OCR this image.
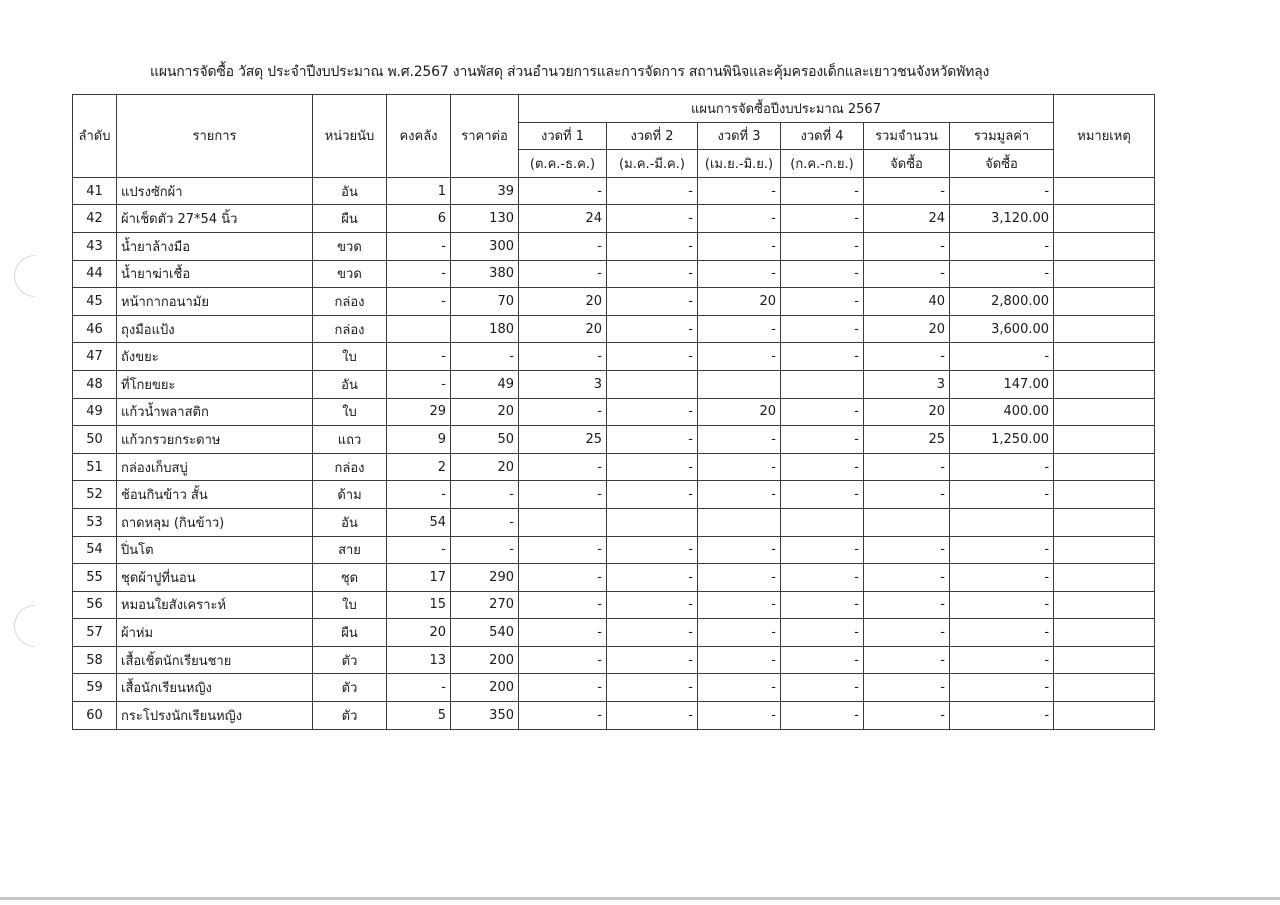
แผนการจัดซื้อ วัสดุ ประจำปีงบประมาณ พ.ศ.2567 งานพัสดุ ส่วนอำนวยการและการจัดการ สถานพินิจและคุ้มครองเด็กและเยาวชนจังหวัดพัทลุง
ลำดับ	รายการ	หน่วยนับ	คงคลัง	ราคาต่อ	แผนการจัดซื้อปีงบประมาณ 2567						หมายเหตุ
					งวดที่ 1	งวดที่ 2	งวดที่ 3	งวดที่ 4	รวมจำนวน	รวมมูลค่า	
					(ต.ค.-ธ.ค.)	(ม.ค.-มี.ค.)	(เม.ย.-มิ.ย.)	(ก.ค.-ก.ย.)	จัดซื้อ	จัดซื้อ	
41	แปรงซักผ้า	อัน	1	39	-	-	-	-	-	-	
42	ผ้าเช็ดตัว 27*54 นิ้ว	ผืน	6	130	24	-	-	-	24	3,120.00	
43	น้ำยาล้างมือ	ขวด	-	300	-	-	-	-	-	-	
44	น้ำยาฆ่าเชื้อ	ขวด	-	380	-	-	-	-	-	-	
45	หน้ากากอนามัย	กล่อง	-	70	20	-	20	-	40	2,800.00	
46	ถุงมือแป้ง	กล่อง		180	20	-	-	-	20	3,600.00	
47	ถังขยะ	ใบ	-	-	-	-	-	-	-	-	
48	ที่โกยขยะ	อัน	-	49	3				3	147.00	
49	แก้วน้ำพลาสติก	ใบ	29	20	-	-	20	-	20	400.00	
50	แก้วกรวยกระดาษ	แถว	9	50	25	-	-	-	25	1,250.00	
51	กล่องเก็บสบู่	กล่อง	2	20	-	-	-	-	-	-	
52	ช้อนกินข้าว สั้น	ด้าม	-	-	-	-	-	-	-	-	
53	ถาดหลุม (กินข้าว)	อัน	54	-							
54	ปิ่นโต	สาย	-	-	-	-	-	-	-	-	
55	ชุดผ้าปูที่นอน	ชุด	17	290	-	-	-	-	-	-	
56	หมอนใยสังเคราะห์	ใบ	15	270	-	-	-	-	-	-	
57	ผ้าห่ม	ผืน	20	540	-	-	-	-	-	-	
58	เสื้อเชิ้ตนักเรียนชาย	ตัว	13	200	-	-	-	-	-	-	
59	เสื้อนักเรียนหญิง	ตัว	-	200	-	-	-	-	-	-	
60	กระโปรงนักเรียนหญิง	ตัว	5	350	-	-	-	-	-	-	
